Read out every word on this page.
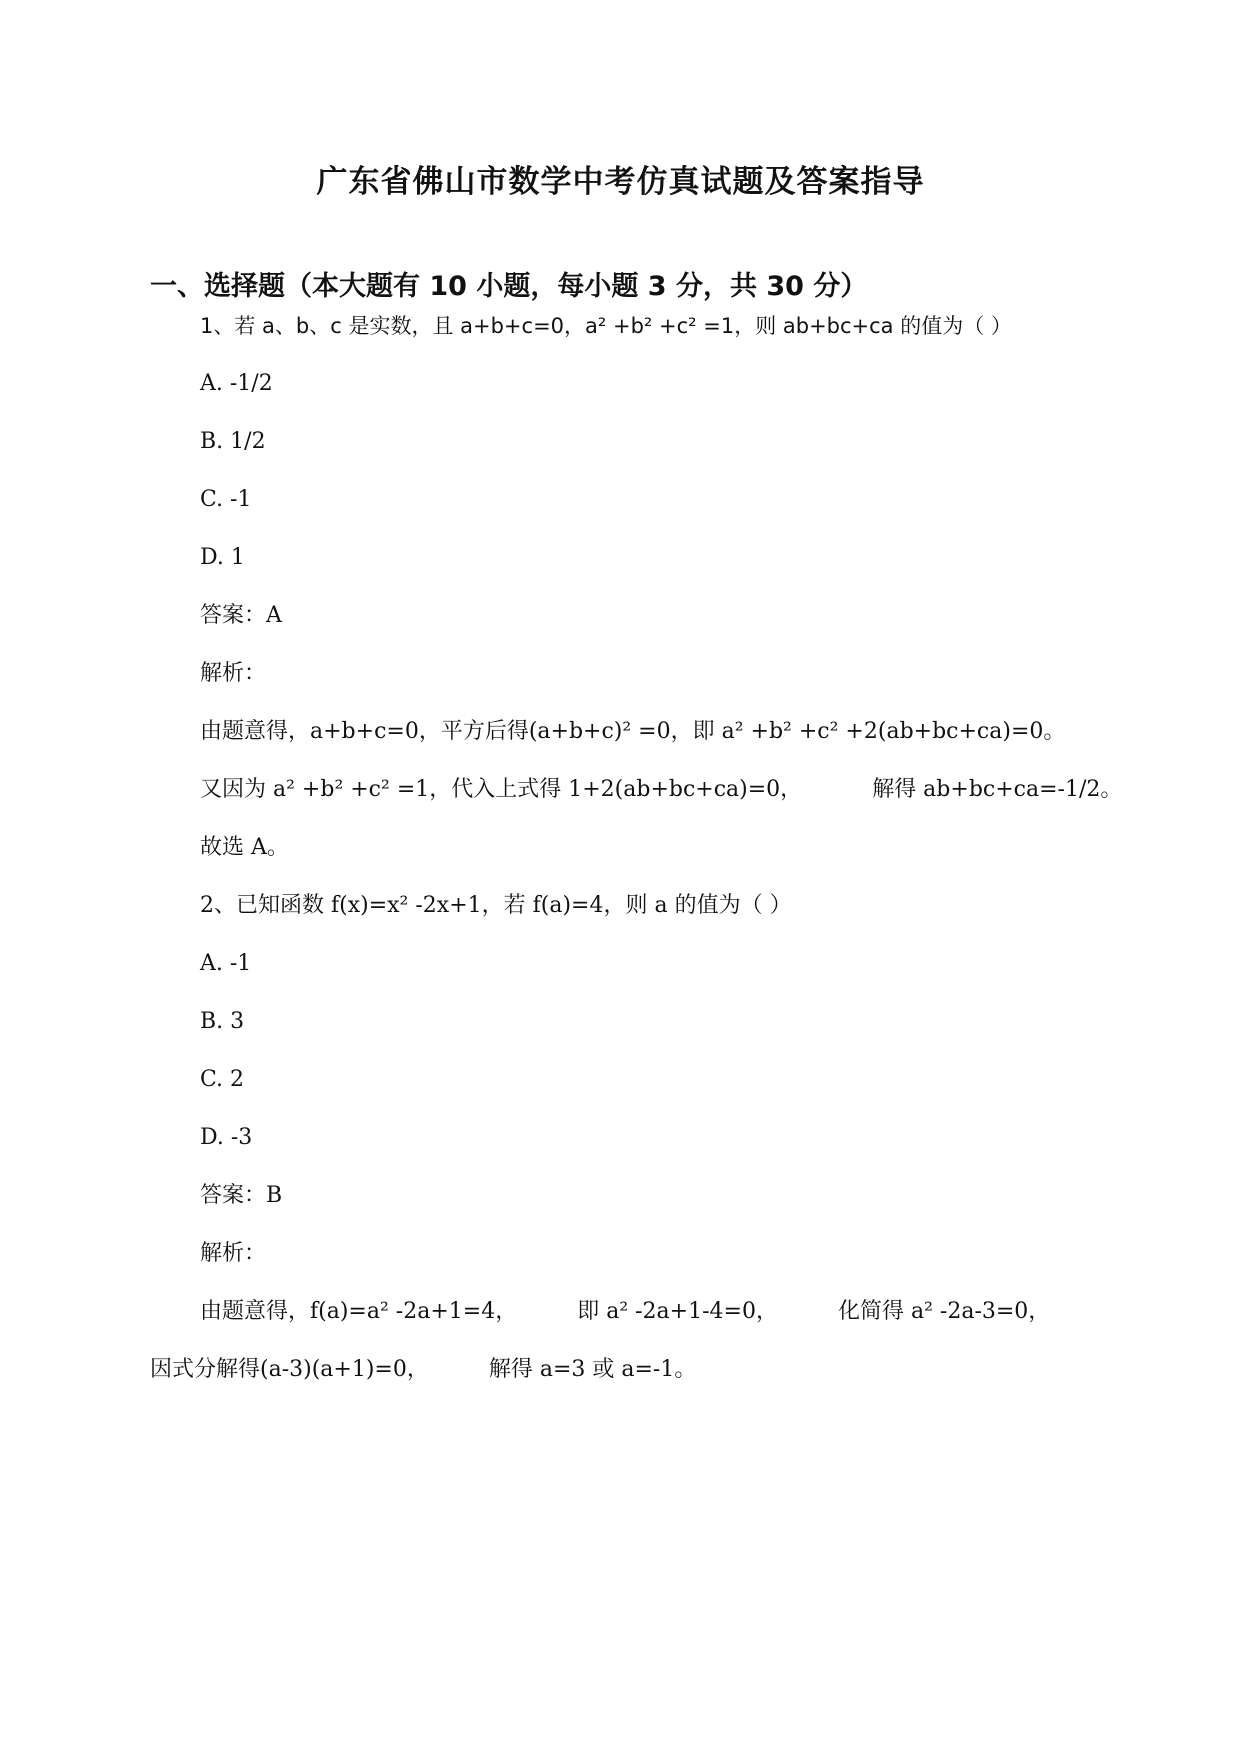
广东省佛山市数学中考仿真试题及答案指导
一、选择题（本大题有 10 小题，每小题 3 分，共 30 分）
1、若 a、b、c 是实数，且 a+b+c=0，a² +b² +c² =1，则 ab+bc+ca 的值为（ ）
A. -1/2
B. 1/2
C. -1
D. 1
答案：A
解析：
由题意得，a+b+c=0，平方后得(a+b+c)² =0，即 a² +b² +c² +2(ab+bc+ca)=0。
又因为 a² +b² +c² =1，代入上式得 1+2(ab+bc+ca)=0，	解得 ab+bc+ca=-1/2。
故选 A。
2、已知函数 f(x)=x² -2x+1，若 f(a)=4，则 a 的值为（ ）
A. -1
B. 3
C. 2
D. -3
答案：B
解析：
由题意得，f(a)=a² -2a+1=4，	即 a² -2a+1-4=0，	化简得 a² -2a-3=0，
因式分解得(a-3)(a+1)=0，	解得 a=3 或 a=-1。
